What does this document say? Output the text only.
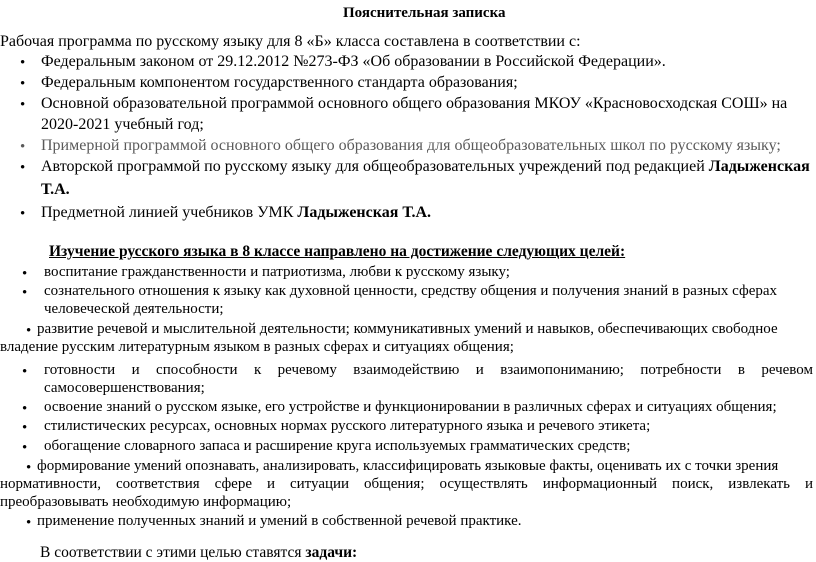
Пояснительная записка
Рабочая программа по русскому языку для 8 «Б» класса составлена в соответствии с:
• Федеральным законом от 29.12.2012 №273-ФЗ «Об образовании в Российской Федерации».
• Федеральным компонентом государственного стандарта образования;
• Основной образовательной программой основного общего образования МКОУ «Красновосходская СОШ» на
2020-2021 учебный год;
• Примерной программой основного общего образования для общеобразовательных школ по русскому языку;
• Авторской программой по русскому языку для общеобразовательных учреждений под редакцией Ладыженская
Т.А.
• Предметной линией учебников УМК Ладыженская Т.А.
Изучение русского языка в 8 классе направлено на достижение следующих целей:
• воспитание гражданственности и патриотизма, любви к русскому языку;
• сознательного отношения к языку как духовной ценности, средству общения и получения знаний в разных сферах
человеческой деятельности;
• развитие речевой и мыслительной деятельности; коммуникативных умений и навыков, обеспечивающих свободное
владение русским литературным языком в разных сферах и ситуациях общения;
• готовности и способности к речевому взаимодействию и взаимопониманию; потребности в речевом
самосовершенствования;
• освоение знаний о русском языке, его устройстве и функционировании в различных сферах и ситуациях общения;
• стилистических ресурсах, основных нормах русского литературного языка и речевого этикета;
• обогащение словарного запаса и расширение круга используемых грамматических средств;
• формирование умений опознавать, анализировать, классифицировать языковые факты, оценивать их с точки зрения
нормативности, соответствия сфере и ситуации общения; осуществлять информационный поиск, извлекать и
преобразовывать необходимую информацию;
• применение полученных знаний и умений в собственной речевой практике.
В соответствии с этими целью ставятся задачи:
